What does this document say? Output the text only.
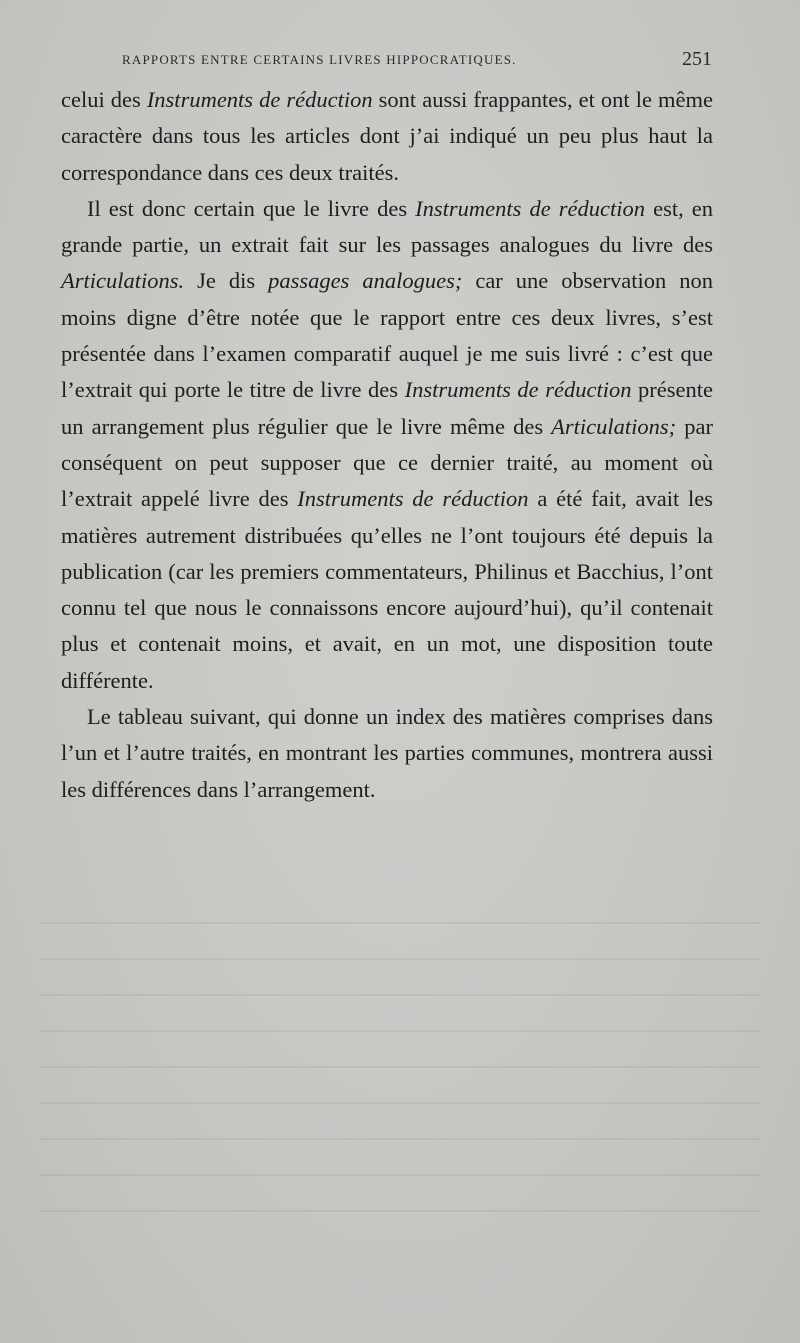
RAPPORTS ENTRE CERTAINS LIVRES HIPPOCRATIQUES.	251

celui des Instruments de réduction sont aussi frappantes, et ont le même caractère dans tous les articles dont j’ai indiqué un peu plus haut la correspondance dans ces deux traités.

Il est donc certain que le livre des Instruments de réduction est, en grande partie, un extrait fait sur les passages analogues du livre des Articulations. Je dis passages analogues; car une observation non moins digne d’être notée que le rapport entre ces deux livres, s’est présentée dans l’examen comparatif auquel je me suis livré : c’est que l’extrait qui porte le titre de livre des Instruments de réduction présente un arrangement plus régulier que le livre même des Articulations; par conséquent on peut supposer que ce dernier traité, au moment où l’extrait appelé livre des Instruments de réduction a été fait, avait les matières autrement distribuées qu’elles ne l’ont toujours été depuis la publication (car les premiers commentateurs, Philinus et Bacchius, l’ont connu tel que nous le connaissons encore aujourd’hui), qu’il contenait plus et contenait moins, et avait, en un mot, une disposition toute différente.

Le tableau suivant, qui donne un index des matières comprises dans l’un et l’autre traités, en montrant les parties communes, montrera aussi les différences dans l’arrangement.
